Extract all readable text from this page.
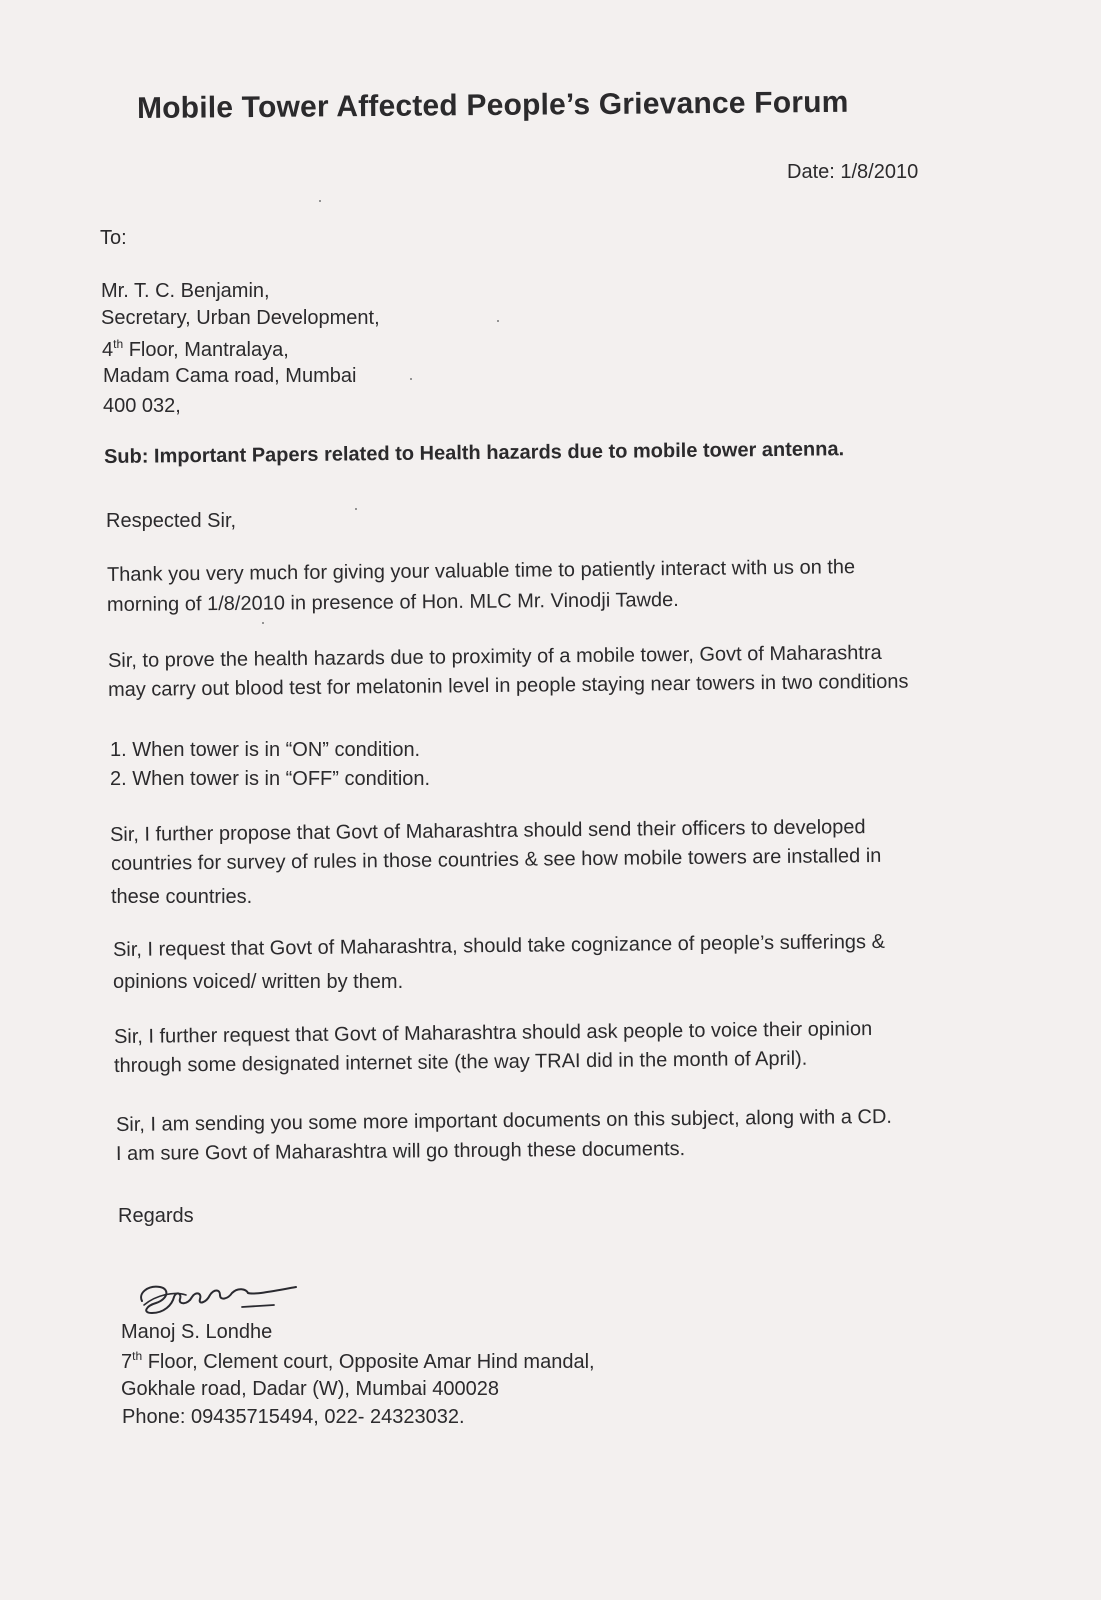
Mobile Tower Affected People’s Grievance Forum
Date: 1/8/2010
To:
Mr. T. C. Benjamin,
Secretary, Urban Development,
4th Floor, Mantralaya,
Madam Cama road, Mumbai
400 032,
Sub: Important Papers related to Health hazards due to mobile tower antenna.
Respected Sir,
Thank you very much for giving your valuable time to patiently interact with us on the
morning of 1/8/2010 in presence of Hon. MLC Mr. Vinodji Tawde.
Sir, to prove the health hazards due to proximity of a mobile tower, Govt of Maharashtra
may carry out blood test for melatonin level in people staying near towers in two conditions
1. When tower is in “ON” condition.
2. When tower is in “OFF” condition.
Sir, I further propose that Govt of Maharashtra should send their officers to developed
countries for survey of rules in those countries & see how mobile towers are installed in
these countries.
Sir, I request that Govt of Maharashtra, should take cognizance of people’s sufferings &
opinions voiced/ written by them.
Sir, I further request that Govt of Maharashtra should ask people to voice their opinion
through some designated internet site (the way TRAI did in the month of April).
Sir, I am sending you some more important documents on this subject, along with a CD.
I am sure Govt of Maharashtra will go through these documents.
Regards
Manoj S. Londhe
7th Floor, Clement court, Opposite Amar Hind mandal,
Gokhale road, Dadar (W), Mumbai 400028
Phone: 09435715494, 022- 24323032.
